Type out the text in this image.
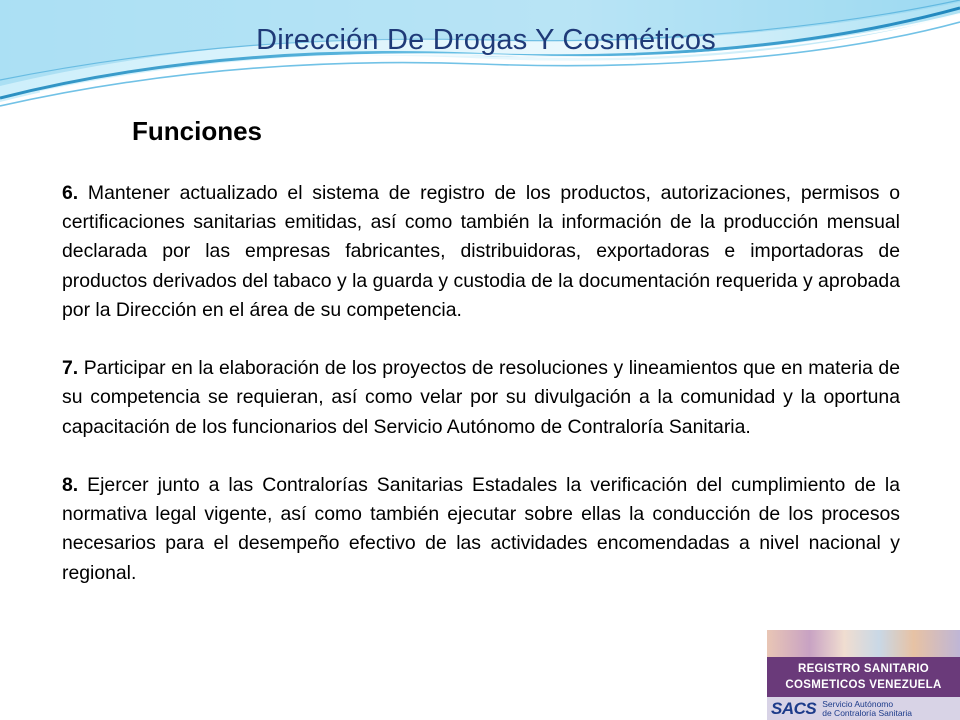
Dirección De Drogas Y Cosméticos
Funciones

6. Mantener actualizado el sistema de registro de los productos, autorizaciones, permisos o certificaciones sanitarias emitidas, así como también la información de la producción mensual declarada por las empresas fabricantes, distribuidoras, exportadoras e importadoras de productos derivados del tabaco y la guarda y custodia de la documentación requerida y aprobada por la Dirección en el área de su competencia.

7. Participar en la elaboración de los proyectos de resoluciones y lineamientos que en materia de su competencia se requieran, así como velar por su divulgación a la comunidad y la oportuna capacitación de los funcionarios del Servicio Autónomo de Contraloría Sanitaria.

8. Ejercer junto a las Contralorías Sanitarias Estadales la verificación del cumplimiento de la normativa legal vigente, así como también ejecutar sobre ellas la conducción de los procesos necesarios para el desempeño efectivo de las actividades encomendadas a nivel nacional y regional.

REGISTRO SANITARIO
COSMETICOS VENEZUELA
SACS Servicio Autónomo
de Contraloría Sanitaria
